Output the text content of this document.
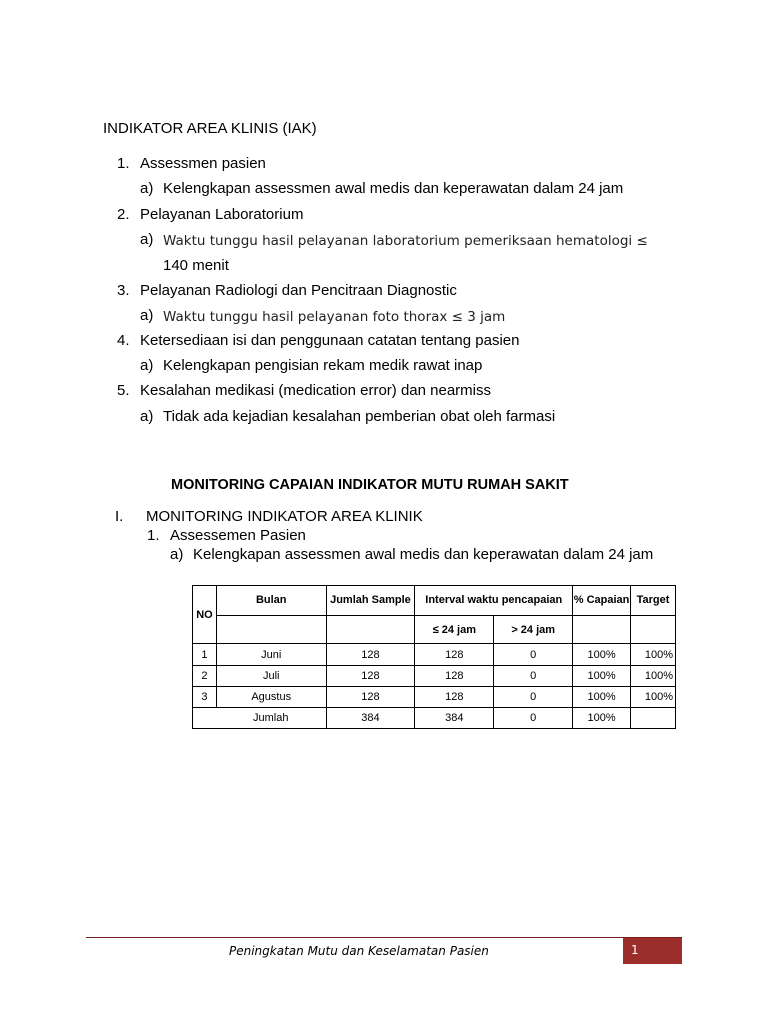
INDIKATOR AREA KLINIS (IAK)
1. Assessmen pasien
a) Kelengkapan assessmen awal medis dan keperawatan dalam 24 jam
2. Pelayanan Laboratorium
a) Waktu tunggu hasil pelayanan laboratorium pemeriksaan hematologi ≤
140 menit
3. Pelayanan Radiologi dan Pencitraan Diagnostic
a) Waktu tunggu hasil pelayanan foto thorax ≤ 3 jam
4. Ketersediaan isi dan penggunaan catatan tentang pasien
a) Kelengkapan pengisian rekam medik rawat inap
5. Kesalahan medikasi (medication error) dan nearmiss
a) Tidak ada kejadian kesalahan pemberian obat oleh farmasi
MONITORING CAPAIAN INDIKATOR MUTU RUMAH SAKIT
I. MONITORING INDIKATOR AREA KLINIK
1. Assessemen Pasien
a) Kelengkapan assessmen awal medis dan keperawatan dalam 24 jam
NO	Bulan	Jumlah Sample	Interval waktu pencapaian		% Capaian	Target
			≤ 24 jam	> 24 jam		
1	Juni	128	128	0	100%	100%
2	Juli	128	128	0	100%	100%
3	Agustus	128	128	0	100%	100%
Jumlah		384	384	0	100%	
Peningkatan Mutu dan Keselamatan Pasien	1
